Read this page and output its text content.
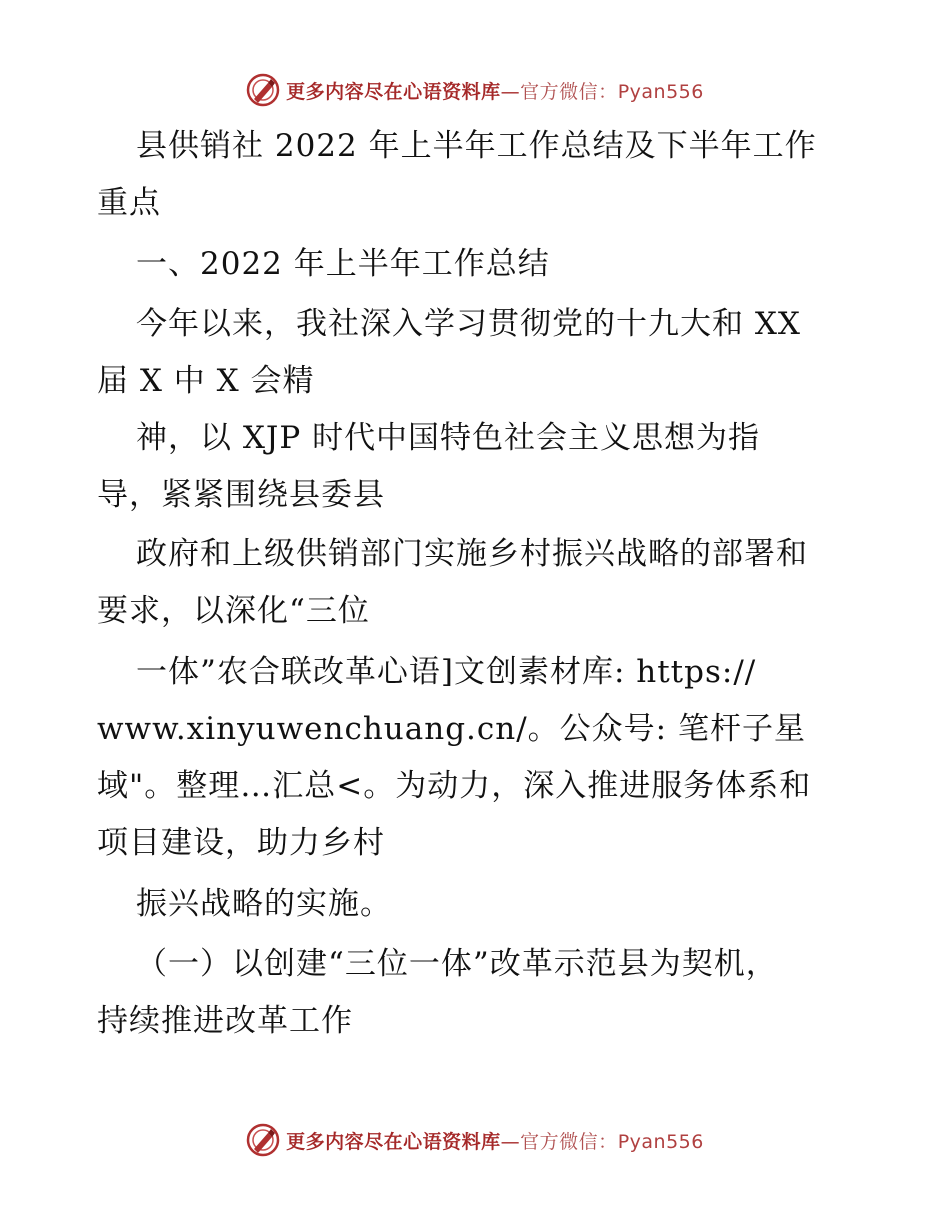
更多内容尽在心语资料库—官方微信：Pyan556
县供销社 2022 年上半年工作总结及下半年工作
重点
一、2022 年上半年工作总结
今年以来，我社深入学习贯彻党的十九大和 XX
届 X 中 X 会精
神，以 XJP 时代中国特色社会主义思想为指
导，紧紧围绕县委县
政府和上级供销部门实施乡村振兴战略的部署和
要求，以深化“三位
一体”农合联改革心语]文创素材库: https://
www.xinyuwenchuang.cn/。公众号: 笔杆子星
域"。整理…汇总<。为动力，深入推进服务体系和
项目建设，助力乡村
振兴战略的实施。
（一）以创建“三位一体”改革示范县为契机，
持续推进改革工作
更多内容尽在心语资料库—官方微信：Pyan556
